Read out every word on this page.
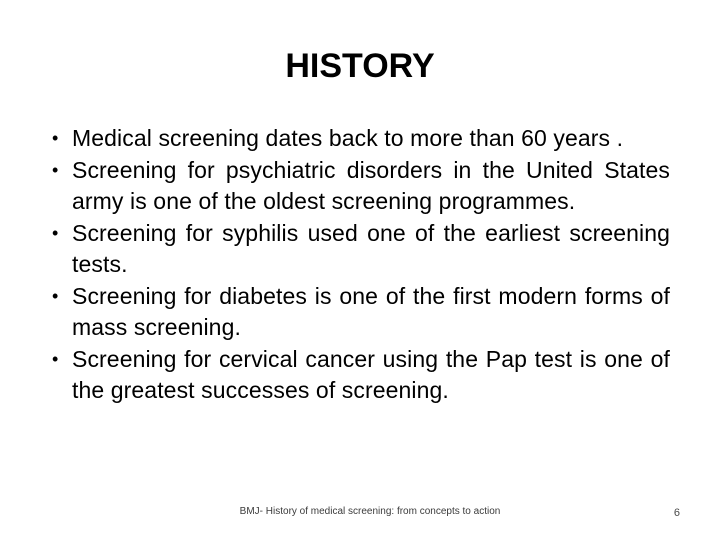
HISTORY
• Medical screening dates back to more than 60 years .
• Screening for psychiatric disorders in the United States army is one of the oldest screening programmes.
• Screening for syphilis used one of the earliest screening tests.
• Screening for diabetes is one of the first modern forms of mass screening.
• Screening for cervical cancer using the Pap test is one of the greatest successes of screening.
BMJ- History of medical screening: from concepts to action	6
